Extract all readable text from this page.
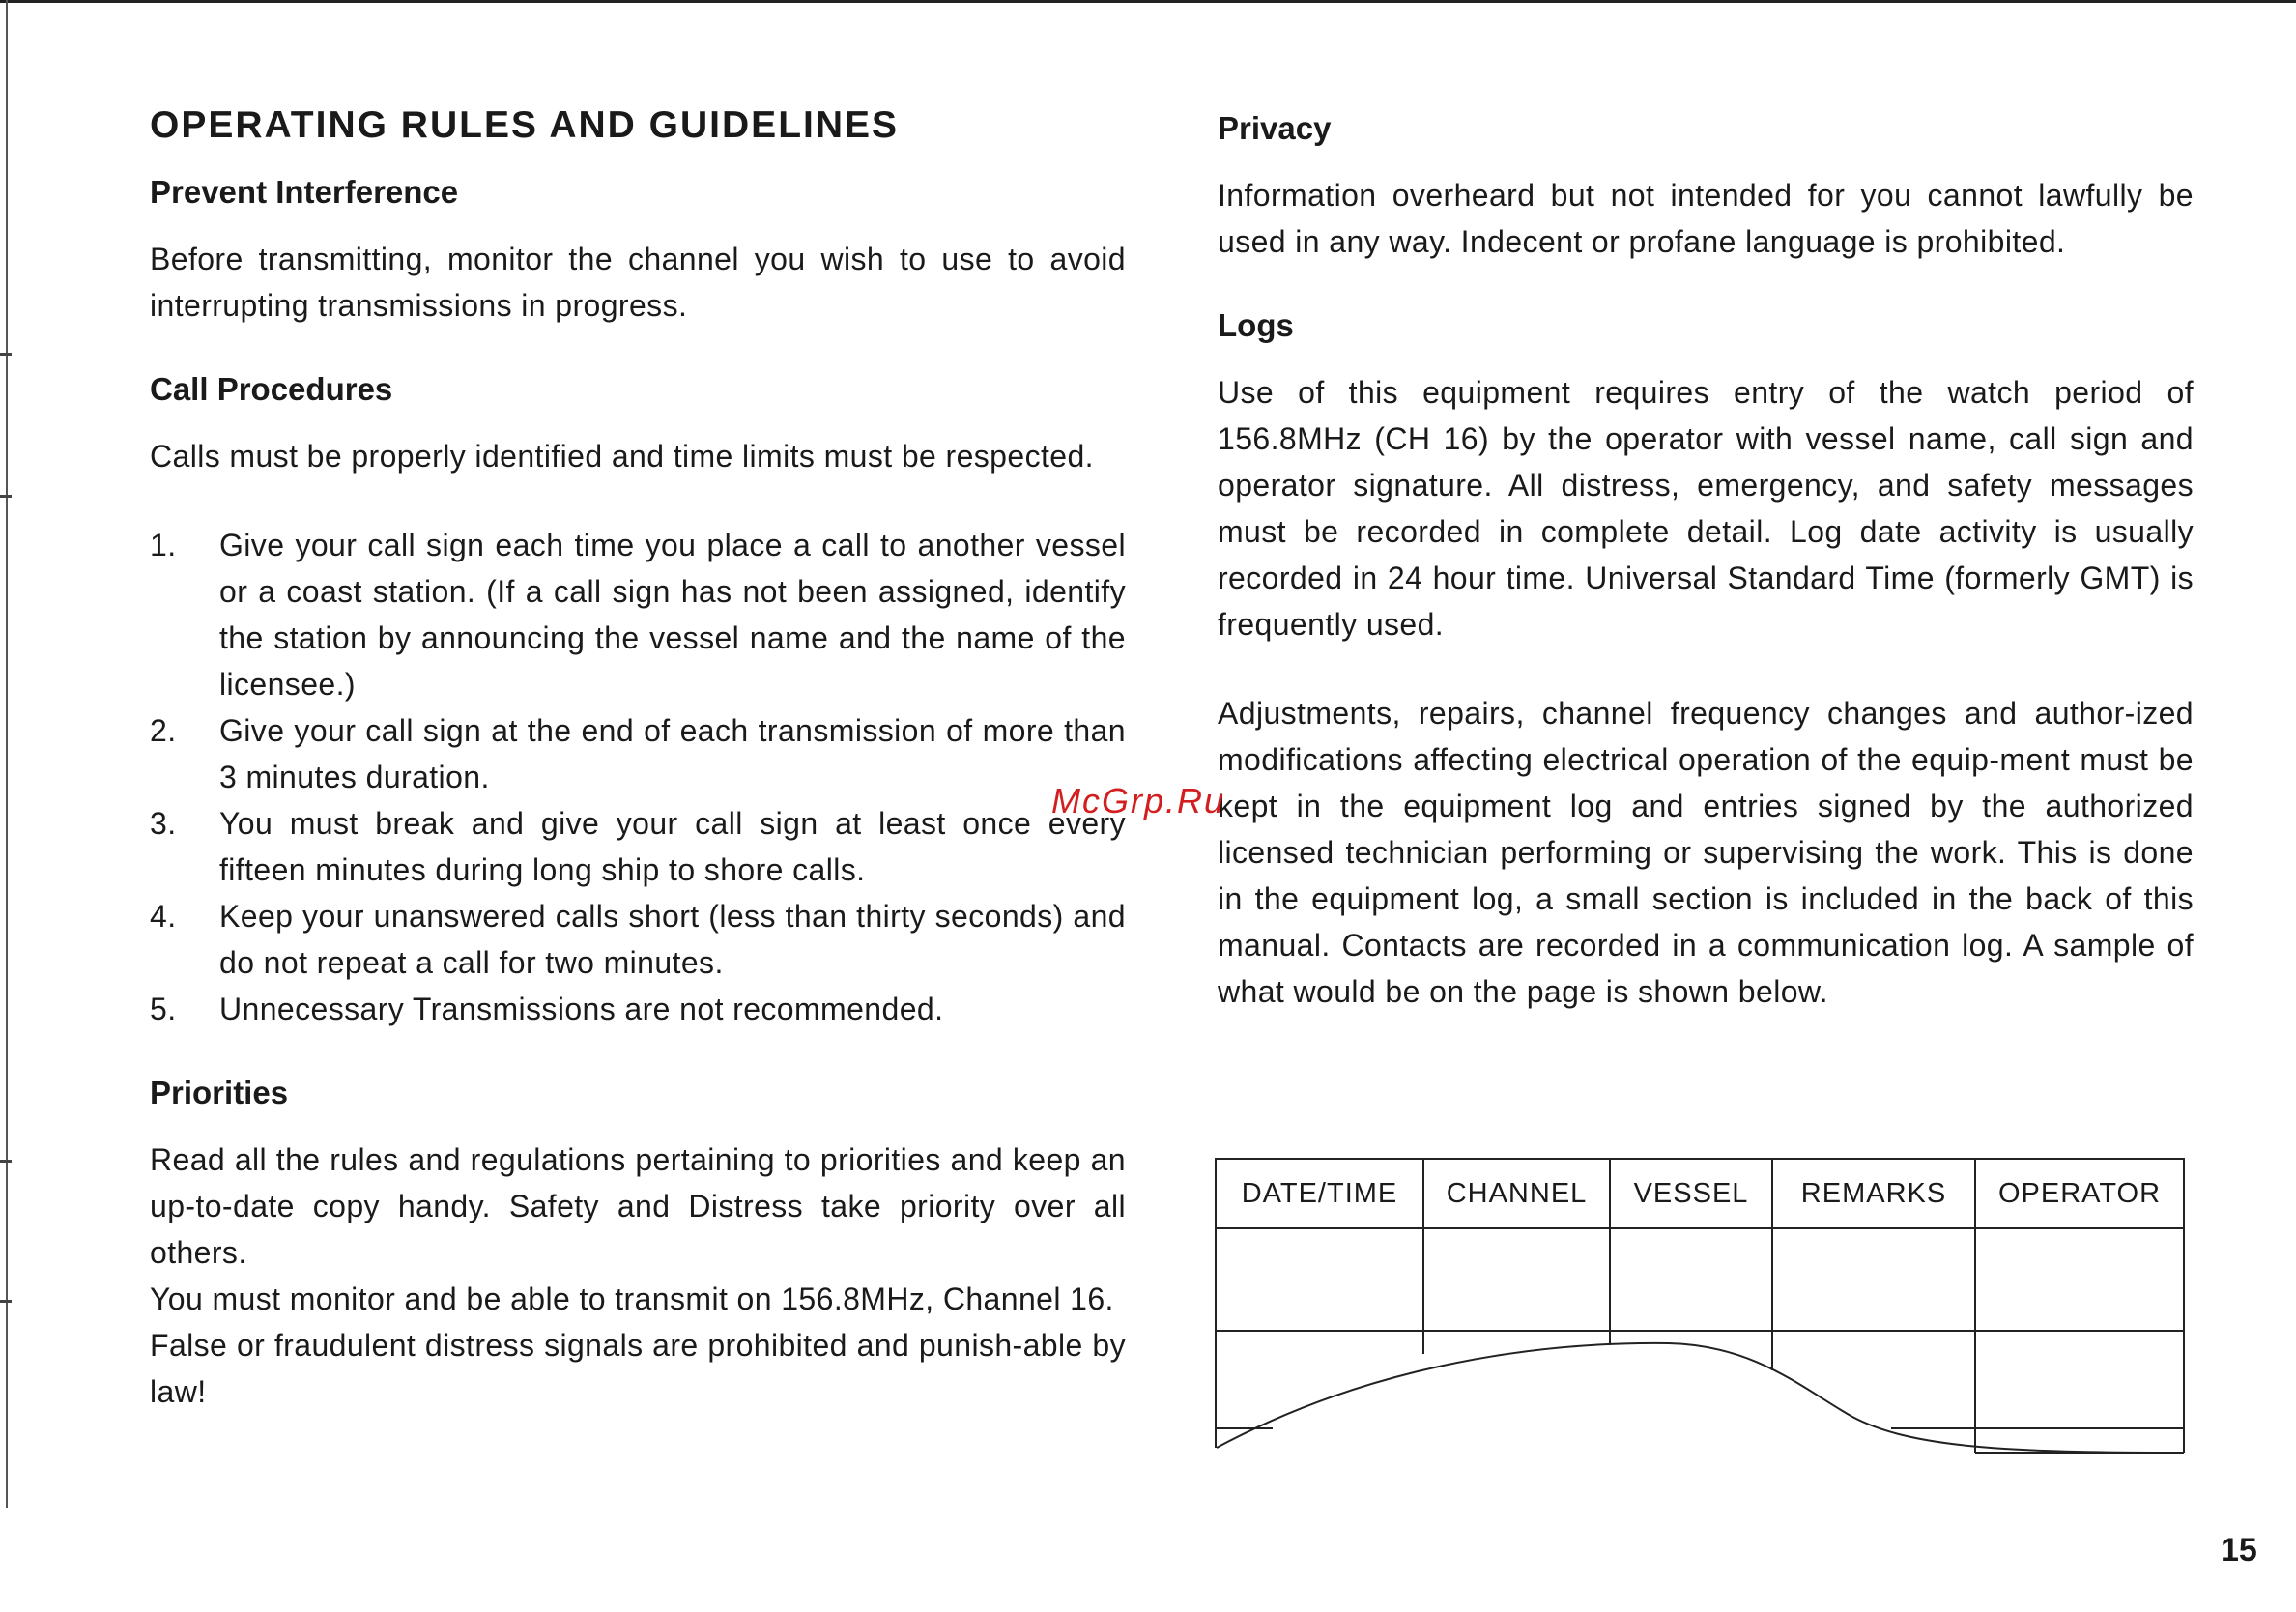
OPERATING RULES AND GUIDELINES
Prevent Interference

Before transmitting, monitor the channel you wish to use to avoid interrupting transmissions in progress.

Call Procedures

Calls must be properly identified and time limits must be respected.

1.	Give your call sign each time you place a call to another vessel or a coast station. (If a call sign has not been assigned, identify the station by announcing the vessel name and the name of the licensee.)
2.	Give your call sign at the end of each transmission of more than 3 minutes duration.
3.	You must break and give your call sign at least once every fifteen minutes during long ship to shore calls.
4.	Keep your unanswered calls short (less than thirty seconds) and do not repeat a call for two minutes.
5.	Unnecessary Transmissions are not recommended.
Priorities

Read all the rules and regulations pertaining to priorities and keep an up-to-date copy handy. Safety and Distress take priority over all others.

You must monitor and be able to transmit on 156.8MHz, Channel 16.

False or fraudulent distress signals are prohibited and punish-able by law!

Privacy

Information overheard but not intended for you cannot lawfully be used in any way. Indecent or profane language is prohibited.

Logs

Use of this equipment requires entry of the watch period of 156.8MHz (CH 16) by the operator with vessel name, call sign and operator signature. All distress, emergency, and safety messages must be recorded in complete detail. Log date activity is usually recorded in 24 hour time. Universal Standard Time (formerly GMT) is frequently used.

Adjustments, repairs, channel frequency changes and author-ized modifications affecting electrical operation of the equip-ment must be kept in the equipment log and entries signed by the authorized licensed technician performing or supervising the work. This is done in the equipment log, a small section is included in the back of this manual. Contacts are recorded in a communication log. A sample of what would be on the page is shown below.

DATE/TIME	CHANNEL	VESSEL	REMARKS	OPERATOR

McGrp.Ru
15
